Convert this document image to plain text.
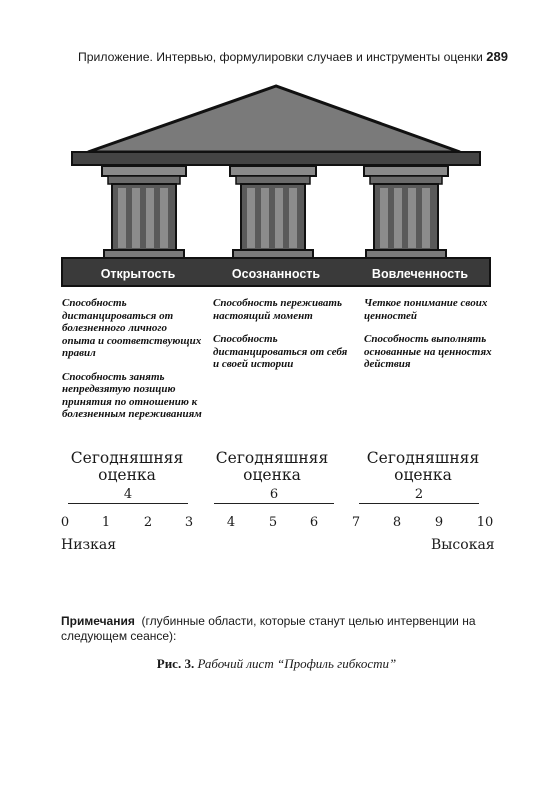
Приложение. Интервью, формулировки случаев и инструменты оценки 289
Открытость	Осознанность	Вовлеченность

Способность дистанцироваться от болезненного личного опыта и соответствующих правил

Способность занять непредвзятую позицию принятия по отношению к болезненным переживаниям

Способность переживать настоящий момент

Способность дистанцироваться от себя и своей истории

Четкое понимание своих ценностей

Способность выполнять основанные на ценностях действия

Сегодняшняя
оценка
Сегодняшняя
оценка
Сегодняшняя
оценка
4	6	2
0	1	2	3	4	5	6	7	8	9	10
Низкая	Высокая
Примечания (глубинные области, которые станут целью интервенции на следующем сеансе):
Рис. 3. Рабочий лист “Профиль гибкости”
